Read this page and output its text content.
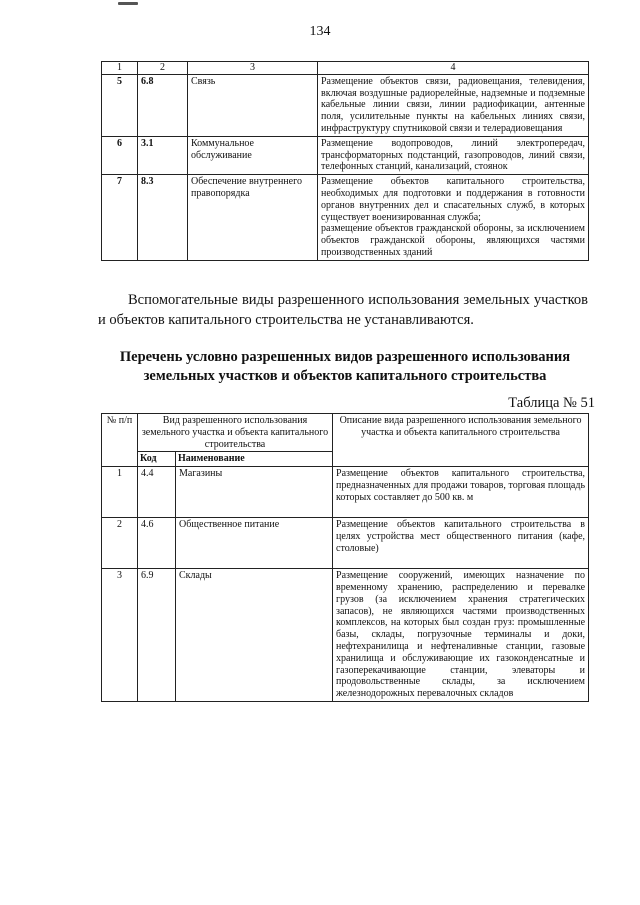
134
1	2	3	4
5	6.8	Связь	Размещение объектов связи, радиовещания, телевидения, включая воздушные радиорелейные, надземные и подземные кабельные линии связи, линии радиофикации, антенные поля, усилительные пункты на кабельных линиях связи, инфраструктуру спутниковой связи и телерадиовещания
6	3.1	Коммунальное обслуживание	Размещение водопроводов, линий электропередач, трансформаторных подстанций, газопроводов, линий связи, телефонных станций, канализаций, стоянок
7	8.3	Обеспечение внутреннего правопорядка	Размещение объектов капитального строительства, необходимых для подготовки и поддержания в готовности органов внутренних дел и спасательных служб, в которых существует военизированная служба;
размещение объектов гражданской обороны, за исключением объектов гражданской обороны, являющихся частями производственных зданий
Вспомогательные виды разрешенного использования земельных участков и объектов капитального строительства не устанавливаются.
Перечень условно разрешенных видов разрешенного использования земельных участков и объектов капитального строительства
Таблица № 51
№ п/п	Вид разрешенного использования земельного участка и объекта капитального строительства		Описание вида разрешенного использования земельного участка и объекта капитального строительства
	Код	Наименование	
1	4.4	Магазины	Размещение объектов капитального строительства, предназначенных для продажи товаров, торговая площадь которых составляет до 500 кв. м
2	4.6	Общественное питание	Размещение объектов капитального строительства в целях устройства мест общественного питания (кафе, столовые)
3	6.9	Склады	Размещение сооружений, имеющих назначение по временному хранению, распределению и перевалке грузов (за исключением хранения стратегических запасов), не являющихся частями производственных комплексов, на которых был создан груз: промышленные базы, склады, погрузочные терминалы и доки, нефтехранилища и нефтеналивные станции, газовые хранилища и обслуживающие их газоконденсатные и газоперекачивающие станции, элеваторы и продовольственные склады, за исключением железнодорожных перевалочных складов
